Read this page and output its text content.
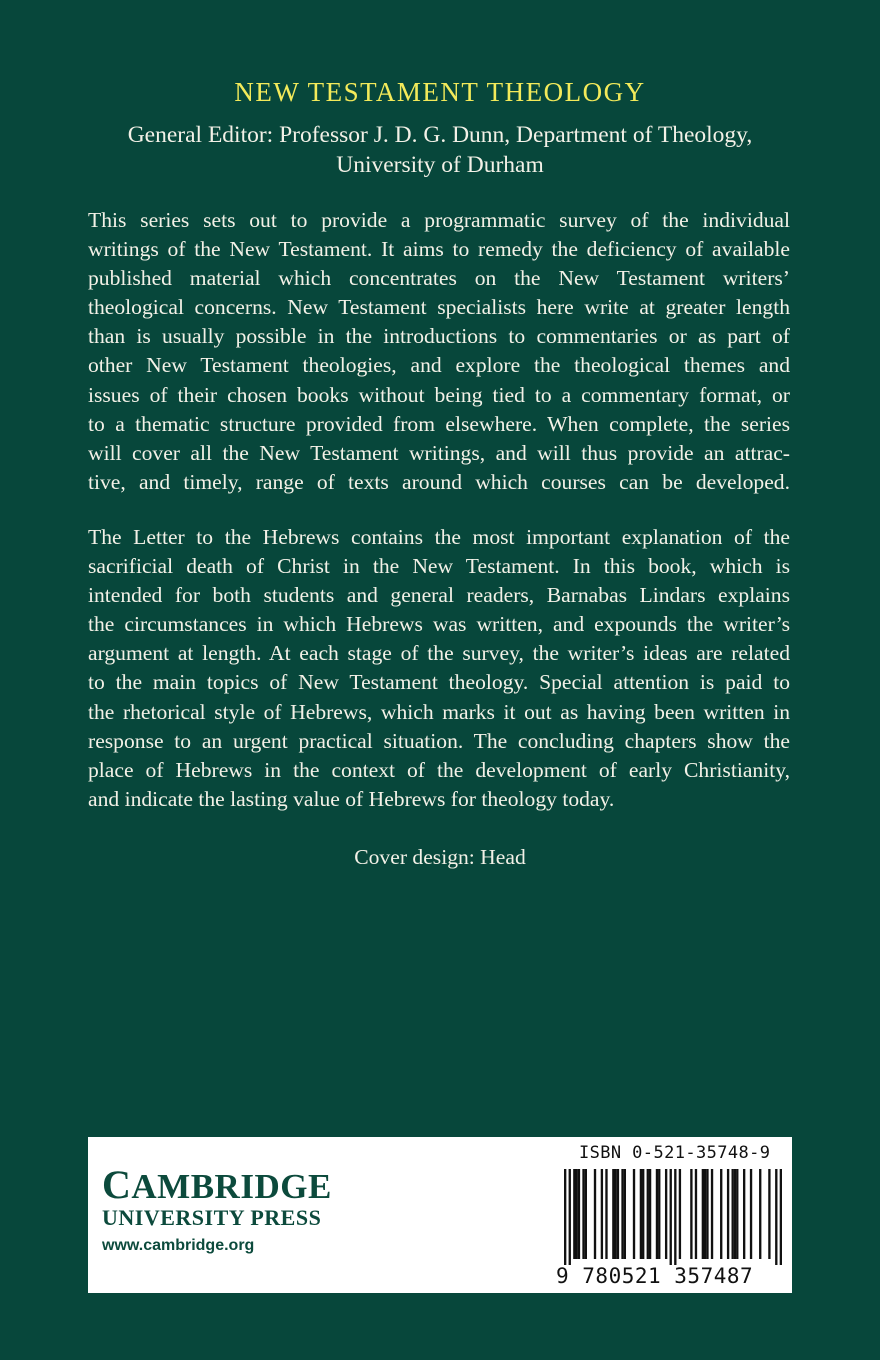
NEW TESTAMENT THEOLOGY

General Editor: Professor J. D. G. Dunn, Department of Theology,

University of Durham

This series sets out to provide a programmatic survey of the individual
writings of the New Testament. It aims to remedy the deficiency of available
published material which concentrates on the New Testament writers’
theological concerns. New Testament specialists here write at greater length
than is usually possible in the introductions to commentaries or as part of
other New Testament theologies, and explore the theological themes and
issues of their chosen books without being tied to a commentary format, or
to a thematic structure provided from elsewhere. When complete, the series
will cover all the New Testament writings, and will thus provide an attrac-
tive, and timely, range of texts around which courses can be developed.
The Letter to the Hebrews contains the most important explanation of the
sacrificial death of Christ in the New Testament. In this book, which is
intended for both students and general readers, Barnabas Lindars explains
the circumstances in which Hebrews was written, and expounds the writer’s
argument at length. At each stage of the survey, the writer’s ideas are related
to the main topics of New Testament theology. Special attention is paid to
the rhetorical style of Hebrews, which marks it out as having been written in
response to an urgent practical situation. The concluding chapters show the
place of Hebrews in the context of the development of early Christianity,
and indicate the lasting value of Hebrews for theology today.

Cover design: Head

CAMBRIDGE
UNIVERSITY PRESS
www.cambridge.org
ISBN 0-521-35748-9
9 780521 357487
